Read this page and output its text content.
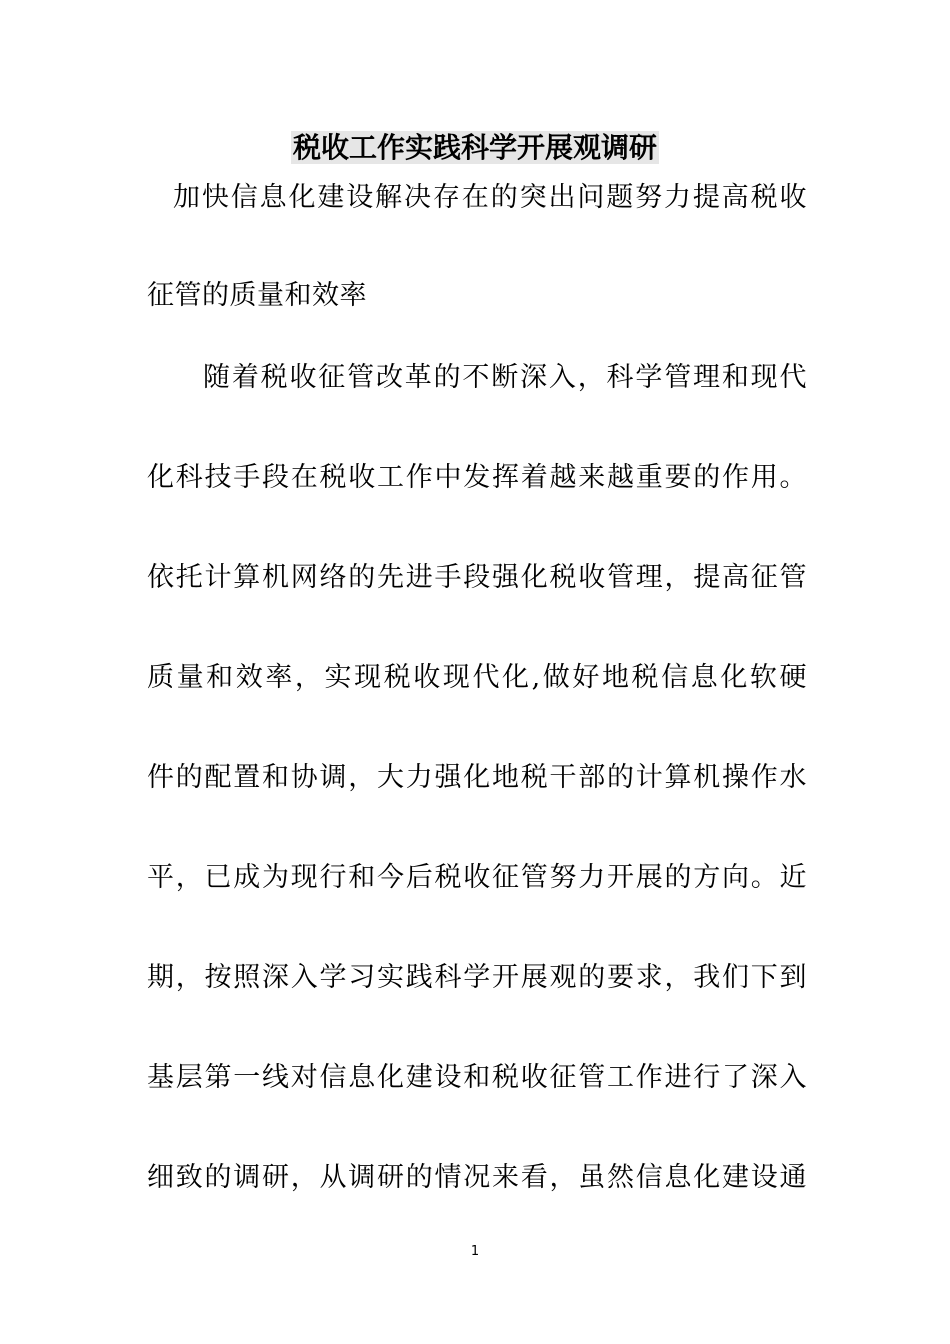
税收工作实践科学开展观调研
加快信息化建设解决存在的突出问题努力提高税收
征管的质量和效率
随着税收征管改革的不断深入，科学管理和现代
化科技手段在税收工作中发挥着越来越重要的作用。
依托计算机网络的先进手段强化税收管理，提高征管
质量和效率，实现税收现代化,做好地税信息化软硬
件的配置和协调，大力强化地税干部的计算机操作水
平，已成为现行和今后税收征管努力开展的方向。近
期，按照深入学习实践科学开展观的要求，我们下到
基层第一线对信息化建设和税收征管工作进行了深入
细致的调研，从调研的情况来看，虽然信息化建设通
1
